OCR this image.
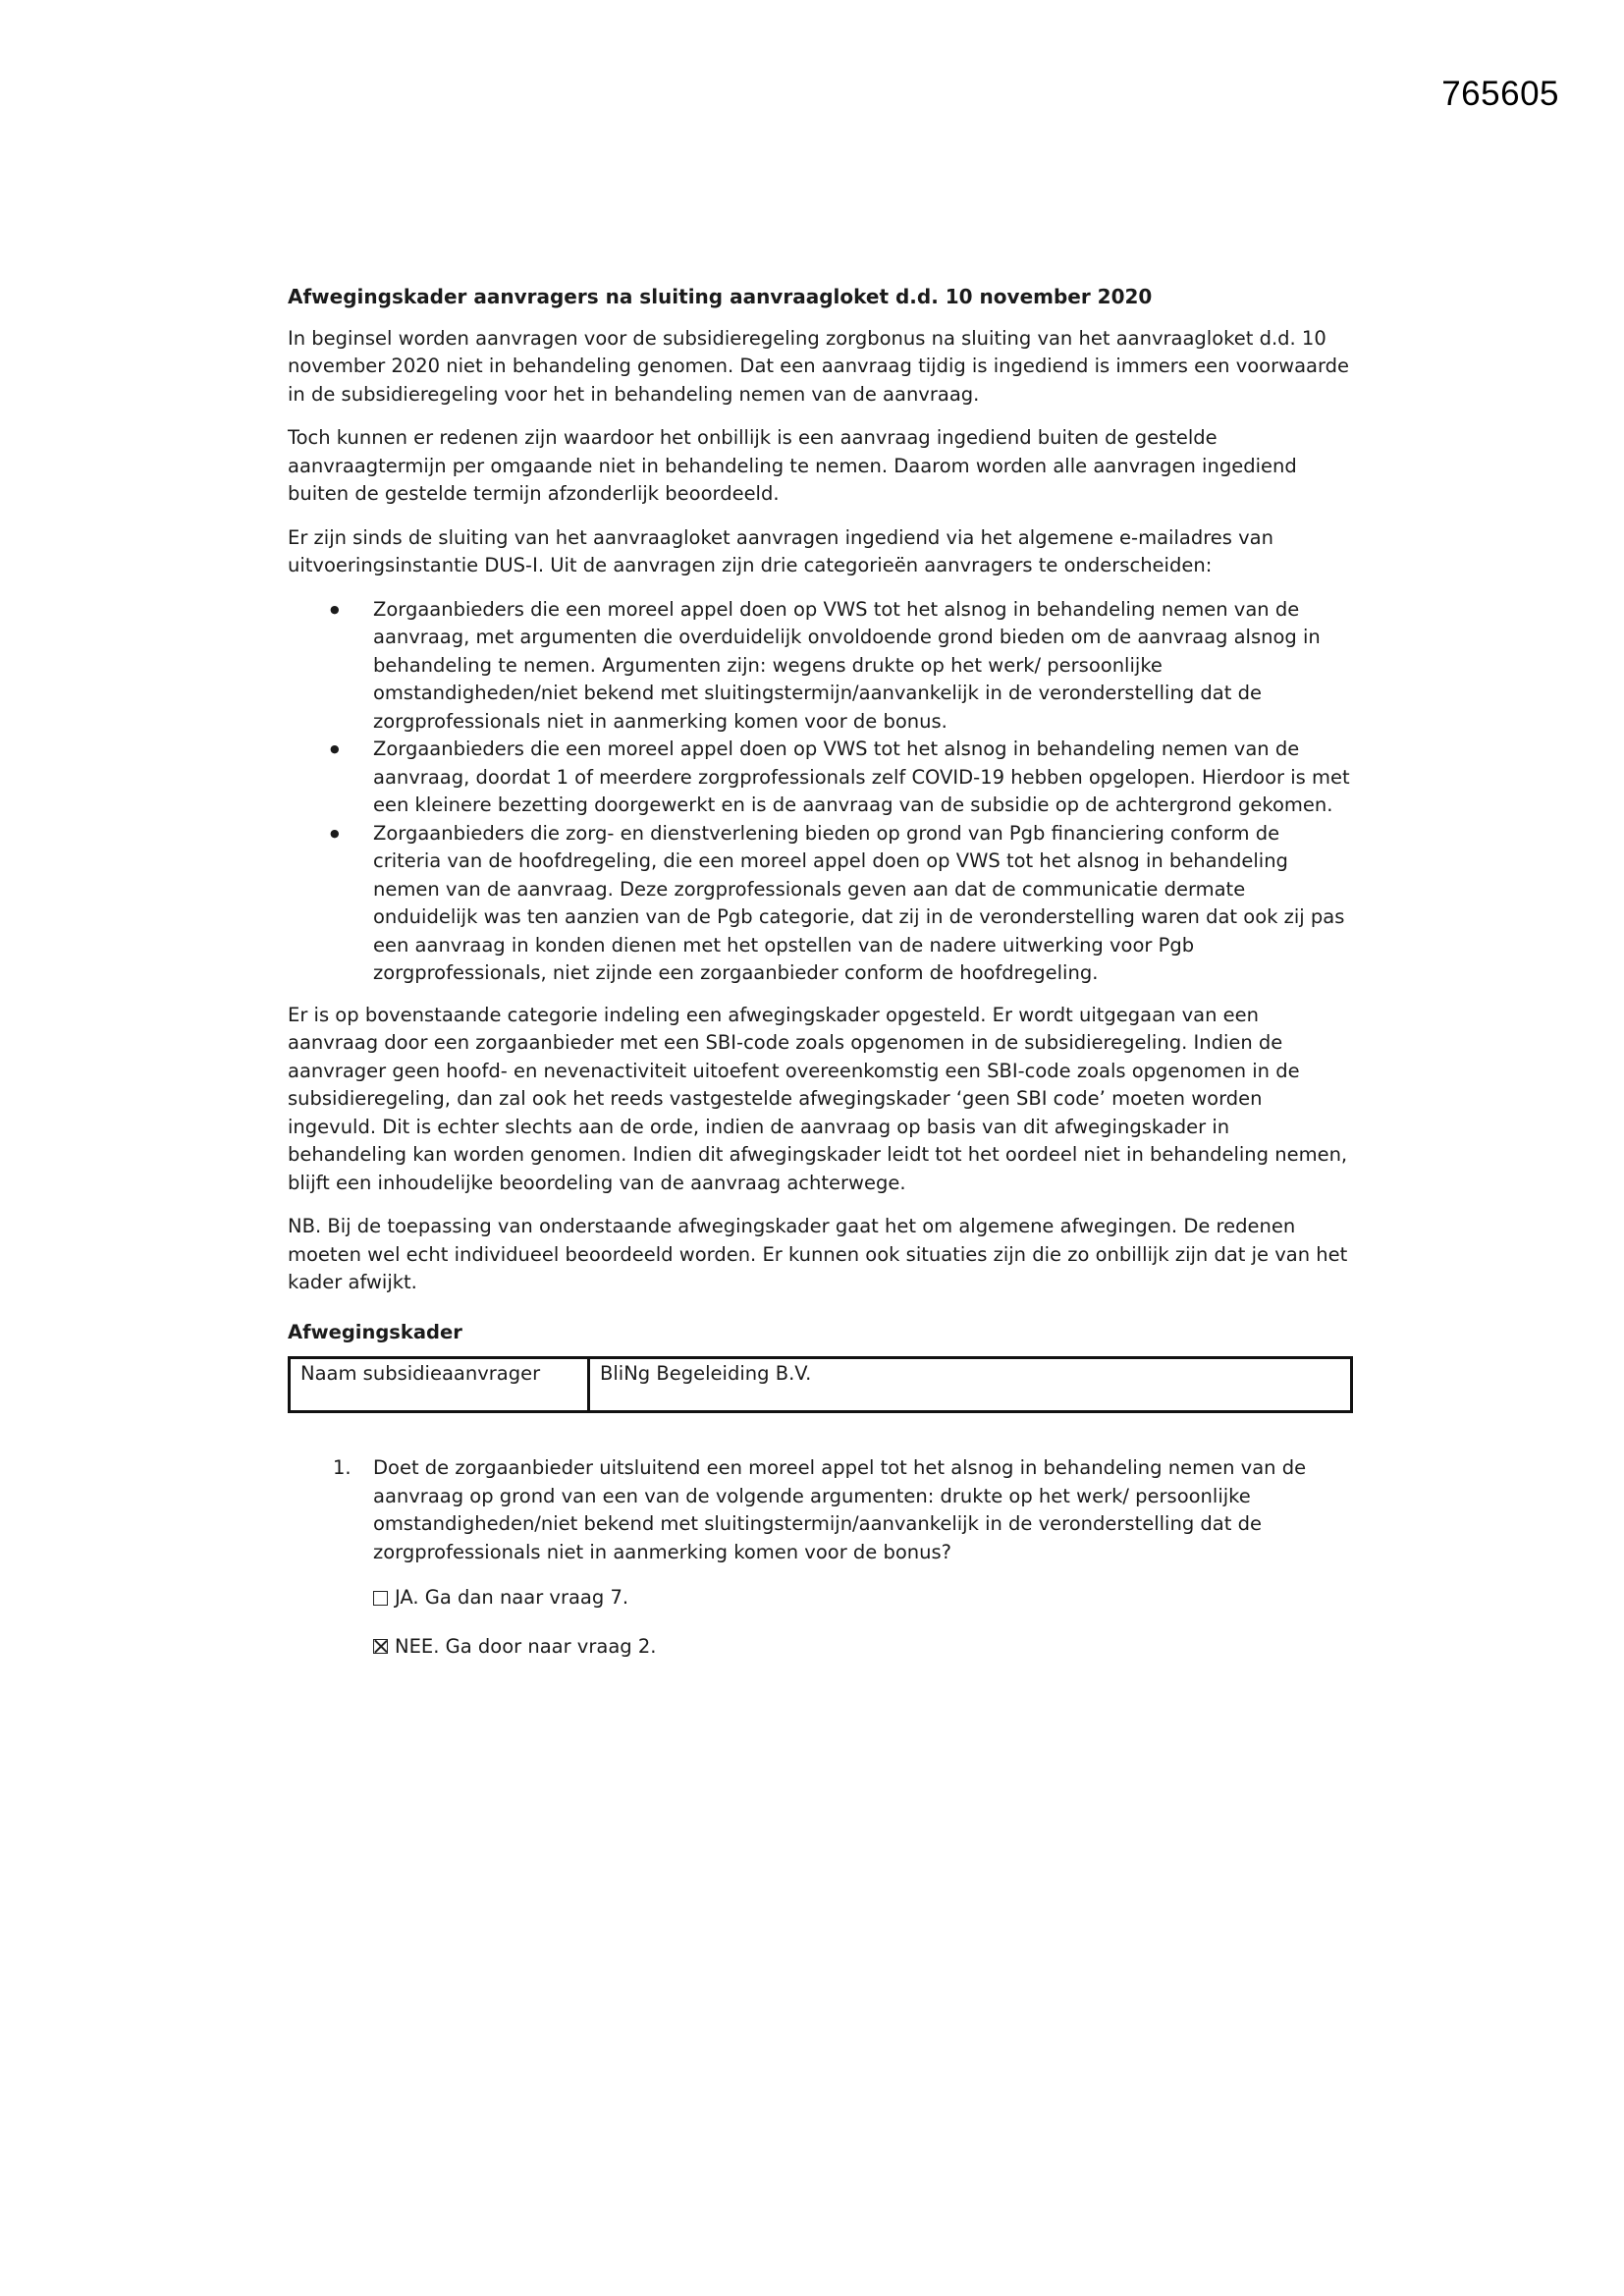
765605
Afwegingskader aanvragers na sluiting aanvraagloket d.d. 10 november 2020

In beginsel worden aanvragen voor de subsidieregeling zorgbonus na sluiting van het aanvraagloket d.d. 10 november 2020 niet in behandeling genomen. Dat een aanvraag tijdig is ingediend is immers een voorwaarde in de subsidieregeling voor het in behandeling nemen van de aanvraag.

Toch kunnen er redenen zijn waardoor het onbillijk is een aanvraag ingediend buiten de gestelde aanvraagtermijn per omgaande niet in behandeling te nemen. Daarom worden alle aanvragen ingediend buiten de gestelde termijn afzonderlijk beoordeeld.

Er zijn sinds de sluiting van het aanvraagloket aanvragen ingediend via het algemene e-mailadres van uitvoeringsinstantie DUS-I. Uit de aanvragen zijn drie categorieën aanvragers te onderscheiden:

● Zorgaanbieders die een moreel appel doen op VWS tot het alsnog in behandeling nemen van de aanvraag, met argumenten die overduidelijk onvoldoende grond bieden om de aanvraag alsnog in behandeling te nemen. Argumenten zijn: wegens drukte op het werk/ persoonlijke omstandigheden/niet bekend met sluitingstermijn/aanvankelijk in de veronderstelling dat de zorgprofessionals niet in aanmerking komen voor de bonus.
● Zorgaanbieders die een moreel appel doen op VWS tot het alsnog in behandeling nemen van de aanvraag, doordat 1 of meerdere zorgprofessionals zelf COVID-19 hebben opgelopen. Hierdoor is met een kleinere bezetting doorgewerkt en is de aanvraag van de subsidie op de achtergrond gekomen.
● Zorgaanbieders die zorg- en dienstverlening bieden op grond van Pgb financiering conform de criteria van de hoofdregeling, die een moreel appel doen op VWS tot het alsnog in behandeling nemen van de aanvraag. Deze zorgprofessionals geven aan dat de communicatie dermate onduidelijk was ten aanzien van de Pgb categorie, dat zij in de veronderstelling waren dat ook zij pas een aanvraag in konden dienen met het opstellen van de nadere uitwerking voor Pgb zorgprofessionals, niet zijnde een zorgaanbieder conform de hoofdregeling.

Er is op bovenstaande categorie indeling een afwegingskader opgesteld. Er wordt uitgegaan van een aanvraag door een zorgaanbieder met een SBI-code zoals opgenomen in de subsidieregeling. Indien de aanvrager geen hoofd- en nevenactiviteit uitoefent overeenkomstig een SBI-code zoals opgenomen in de subsidieregeling, dan zal ook het reeds vastgestelde afwegingskader ‘geen SBI code’ moeten worden ingevuld. Dit is echter slechts aan de orde, indien de aanvraag op basis van dit afwegingskader in behandeling kan worden genomen. Indien dit afwegingskader leidt tot het oordeel niet in behandeling nemen, blijft een inhoudelijke beoordeling van de aanvraag achterwege.

NB. Bij de toepassing van onderstaande afwegingskader gaat het om algemene afwegingen. De redenen moeten wel echt individueel beoordeeld worden. Er kunnen ook situaties zijn die zo onbillijk zijn dat je van het kader afwijkt.

Afwegingskader
Naam subsidieaanvrager	BliNg Begeleiding B.V.
1.	Doet de zorgaanbieder uitsluitend een moreel appel tot het alsnog in behandeling nemen van de aanvraag op grond van een van de volgende argumenten: drukte op het werk/ persoonlijke omstandigheden/niet bekend met sluitingstermijn/aanvankelijk in de veronderstelling dat de zorgprofessionals niet in aanmerking komen voor de bonus?
JA. Ga dan naar vraag 7.
NEE. Ga door naar vraag 2.
